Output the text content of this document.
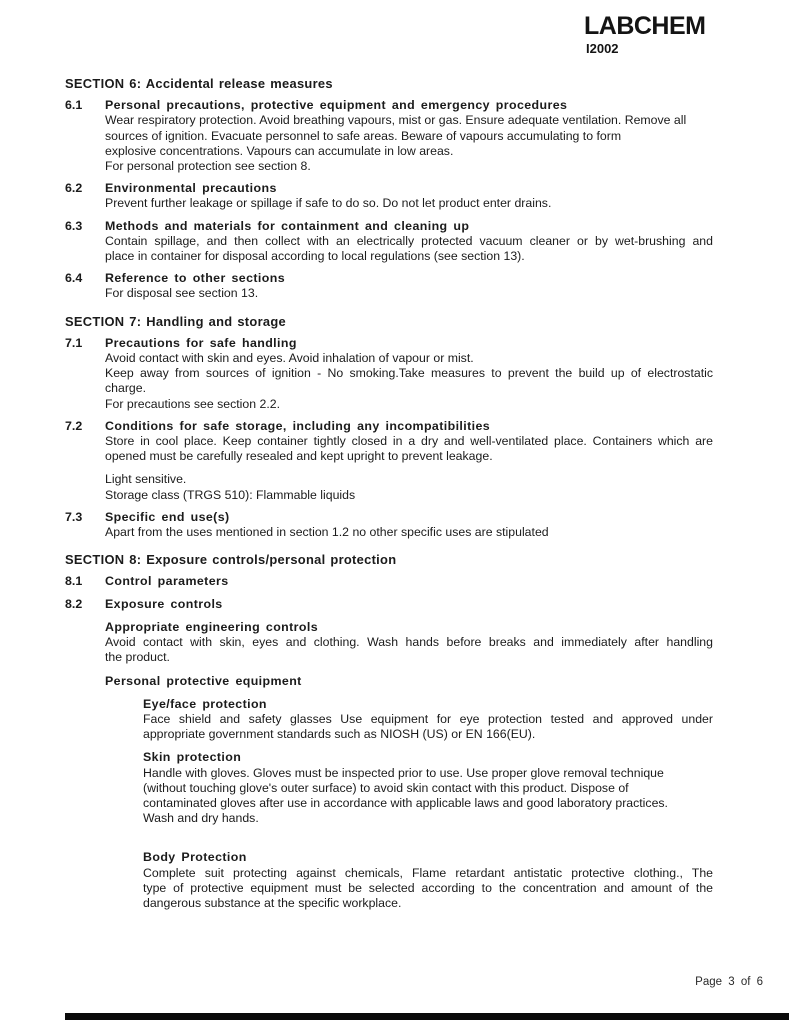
LABCHEM
I2002
SECTION 6: Accidental release measures
6.1	Personal precautions, protective equipment and emergency procedures
Wear respiratory protection. Avoid breathing vapours, mist or gas. Ensure adequate ventilation. Remove all
sources of ignition. Evacuate personnel to safe areas. Beware of vapours accumulating to form
explosive concentrations. Vapours can accumulate in low areas.
For personal protection see section 8.
6.2	Environmental precautions
Prevent further leakage or spillage if safe to do so. Do not let product enter drains.
6.3	Methods and materials for containment and cleaning up
Contain spillage, and then collect with an electrically protected vacuum cleaner or by wet-brushing and
place in container for disposal according to local regulations (see section 13).
6.4	Reference to other sections
For disposal see section 13.
SECTION 7: Handling and storage
7.1	Precautions for safe handling
Avoid contact with skin and eyes. Avoid inhalation of vapour or mist.
Keep away from sources of ignition - No smoking.Take measures to prevent the build up of electrostatic
charge.
For precautions see section 2.2.
7.2	Conditions for safe storage, including any incompatibilities
Store in cool place. Keep container tightly closed in a dry and well-ventilated place. Containers which are
opened must be carefully resealed and kept upright to prevent leakage.
Light sensitive.
Storage class (TRGS 510): Flammable liquids
7.3	Specific end use(s)
Apart from the uses mentioned in section 1.2 no other specific uses are stipulated
SECTION 8: Exposure controls/personal protection
8.1	Control parameters
8.2	Exposure controls
Appropriate engineering controls
Avoid contact with skin, eyes and clothing. Wash hands before breaks and immediately after handling
the product.
Personal protective equipment
Eye/face protection
Face shield and safety glasses Use equipment for eye protection tested and approved under
appropriate government standards such as NIOSH (US) or EN 166(EU).
Skin protection
Handle with gloves. Gloves must be inspected prior to use. Use proper glove removal technique
(without touching glove's outer surface) to avoid skin contact with this product. Dispose of
contaminated gloves after use in accordance with applicable laws and good laboratory practices.
Wash and dry hands.
Body Protection
Complete suit protecting against chemicals, Flame retardant antistatic protective clothing., The
type of protective equipment must be selected according to the concentration and amount of the
dangerous substance at the specific workplace.
Page 3 of 6
